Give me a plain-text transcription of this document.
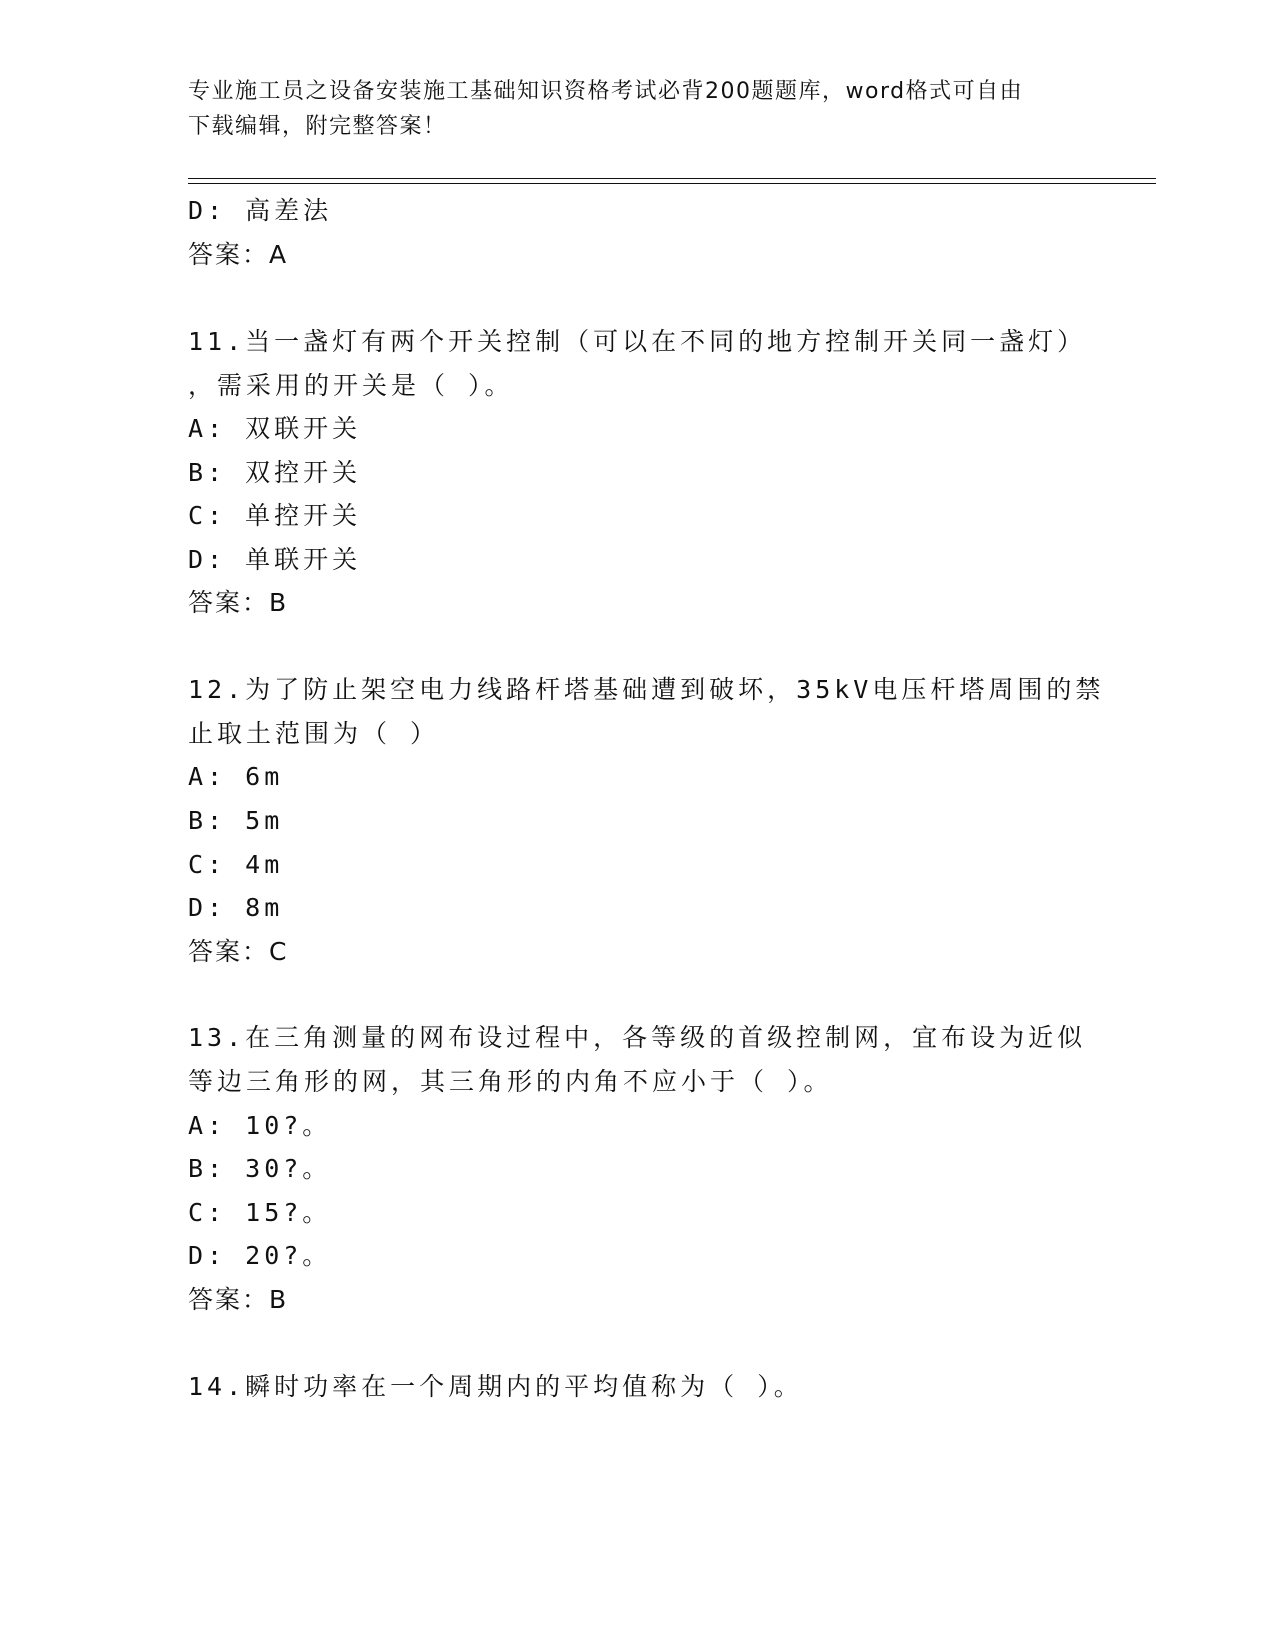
专业施工员之设备安装施工基础知识资格考试必背200题题库，word格式可自由
下载编辑，附完整答案！
D: 高差法
答案：A
11.当一盏灯有两个开关控制（可以在不同的地方控制开关同一盏灯）
，需采用的开关是（ ）。
A: 双联开关
B: 双控开关
C: 单控开关
D: 单联开关
答案：B
12.为了防止架空电力线路杆塔基础遭到破坏，35kV电压杆塔周围的禁
止取土范围为（ ）
A: 6m
B: 5m
C: 4m
D: 8m
答案：C
13.在三角测量的网布设过程中，各等级的首级控制网，宜布设为近似
等边三角形的网，其三角形的内角不应小于（ ）。
A: 10?。
B: 30?。
C: 15?。
D: 20?。
答案：B
14.瞬时功率在一个周期内的平均值称为（ ）。
